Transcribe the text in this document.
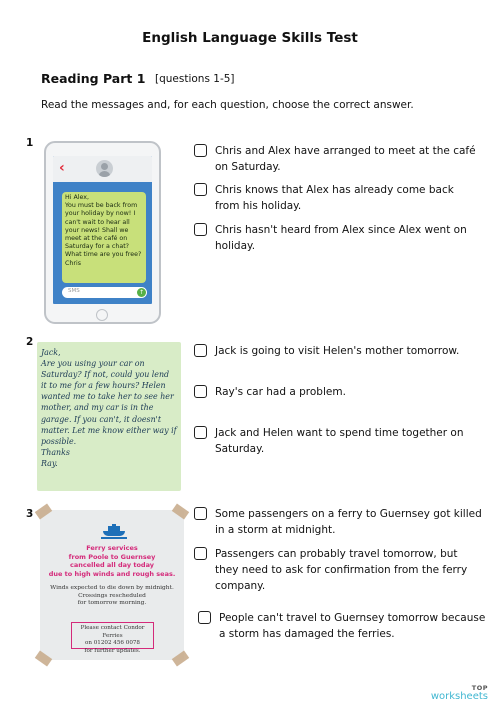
English Language Skills Test
Reading Part 1 [questions 1-5]
Read the messages and, for each question, choose the correct answer.
1
‹
Hi Alex,
You must be back from your holiday by now! I can't wait to hear all your news! Shall we meet at the café on Saturday for a chat? What time are you free?
Chris
SMS	↑
Chris and Alex have arranged to meet at the café
on Saturday.
Chris knows that Alex has already come back
from his holiday.
Chris hasn't heard from Alex since Alex went on
holiday.
2
Jack,
Are you using your car on Saturday? If not, could you lend it to me for a few hours? Helen wanted me to take her to see her mother, and my car is in the garage. If you can't, it doesn't matter. Let me know either way if possible.
Thanks
Ray.
Jack is going to visit Helen's mother tomorrow.
Ray's car had a problem.
Jack and Helen want to spend time together on
Saturday.
3
Ferry services
from Poole to Guernsey
cancelled all day today
due to high winds and rough seas.
Winds expected to die down by midnight.
Crossings rescheduled
for tomorrow morning.
Please contact Condor Ferries
on 01202 456 0078
for further updates.
Some passengers on a ferry to Guernsey got killed
in a storm at midnight.
Passengers can probably travel tomorrow, but
they need to ask for confirmation from the ferry
company.
People can't travel to Guernsey tomorrow because
a storm has damaged the ferries.
TOP
worksheets
